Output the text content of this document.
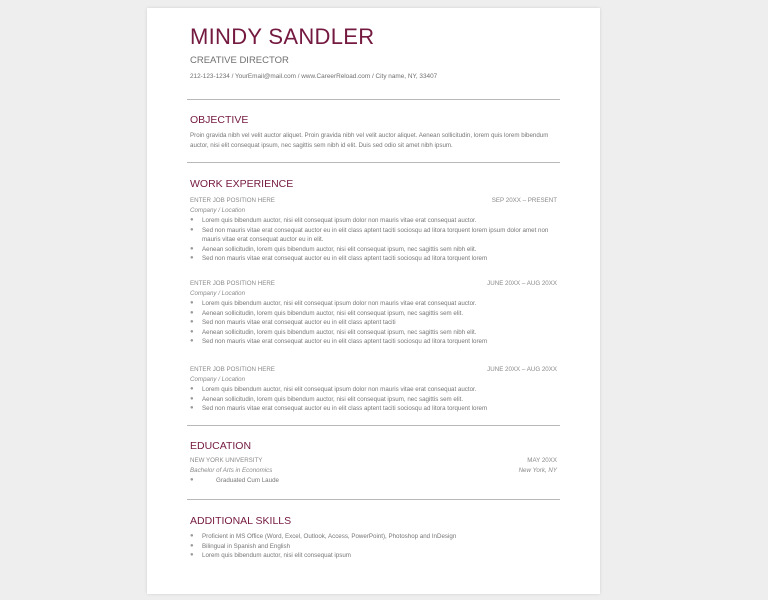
MINDY SANDLER
CREATIVE DIRECTOR
212-123-1234 / YourEmail@mail.com / www.CareerReload.com / City name, NY, 33407
OBJECTIVE
Proin gravida nibh vel velit auctor aliquet. Proin gravida nibh vel velit auctor aliquet. Aenean sollicitudin, lorem quis lorem bibendum auctor, nisi elit consequat ipsum, nec sagittis sem nibh id elit. Duis sed odio sit amet nibh ipsum.
WORK EXPERIENCE
ENTER JOB POSITION HERE	SEP 20XX – PRESENT
Company / Location
● Lorem quis bibendum auctor, nisi elit consequat ipsum dolor non mauris vitae erat consequat auctor.
● Sed non mauris vitae erat consequat auctor eu in elit class aptent taciti sociosqu ad litora torquent lorem ipsum dolor amet non mauris vitae erat consequat auctor eu in elit.
● Aenean sollicitudin, lorem quis bibendum auctor, nisi elit consequat ipsum, nec sagittis sem nibh elit.
● Sed non mauris vitae erat consequat auctor eu in elit class aptent taciti sociosqu ad litora torquent lorem
ENTER JOB POSITION HERE	JUNE 20XX – AUG 20XX
Company / Location
● Lorem quis bibendum auctor, nisi elit consequat ipsum dolor non mauris vitae erat consequat auctor.
● Aenean sollicitudin, lorem quis bibendum auctor, nisi elit consequat ipsum, nec sagittis sem elit.
● Sed non mauris vitae erat consequat auctor eu in elit class aptent taciti
● Aenean sollicitudin, lorem quis bibendum auctor, nisi elit consequat ipsum, nec sagittis sem nibh elit.
● Sed non mauris vitae erat consequat auctor eu in elit class aptent taciti sociosqu ad litora torquent lorem
ENTER JOB POSITION HERE	JUNE 20XX – AUG 20XX
Company / Location
● Lorem quis bibendum auctor, nisi elit consequat ipsum dolor non mauris vitae erat consequat auctor.
● Aenean sollicitudin, lorem quis bibendum auctor, nisi elit consequat ipsum, nec sagittis sem elit.
● Sed non mauris vitae erat consequat auctor eu in elit class aptent taciti sociosqu ad litora torquent lorem
EDUCATION
NEW YORK UNIVERSITY	MAY 20XX
Bachelor of Arts in Economics	New York, NY
●	Graduated Cum Laude
ADDITIONAL SKILLS
● Proficient in MS Office (Word, Excel, Outlook, Access, PowerPoint), Photoshop and InDesign
● Bilingual in Spanish and English
● Lorem quis bibendum auctor, nisi elit consequat ipsum
